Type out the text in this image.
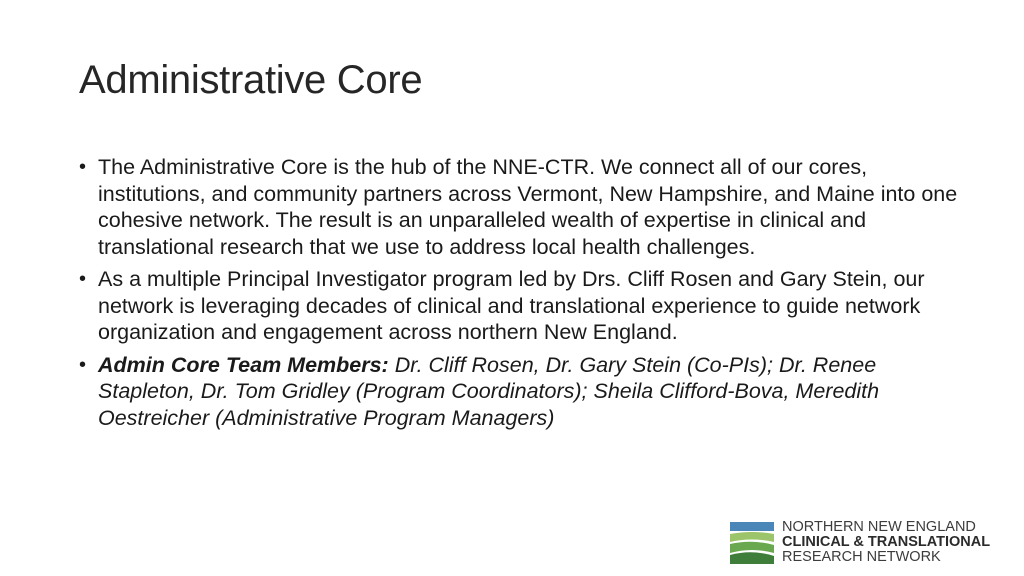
Administrative Core
• The Administrative Core is the hub of the NNE-CTR. We connect all of our cores, institutions, and community partners across Vermont, New Hampshire, and Maine into one cohesive network. The result is an unparalleled wealth of expertise in clinical and translational research that we use to address local health challenges.
• As a multiple Principal Investigator program led by Drs. Cliff Rosen and Gary Stein, our network is leveraging decades of clinical and translational experience to guide network organization and engagement across northern New England.
• Admin Core Team Members: Dr. Cliff Rosen, Dr. Gary Stein (Co-PIs); Dr. Renee Stapleton, Dr. Tom Gridley (Program Coordinators); Sheila Clifford-Bova, Meredith Oestreicher (Administrative Program Managers)
NORTHERN NEW ENGLAND
CLINICAL & TRANSLATIONAL
RESEARCH NETWORK
